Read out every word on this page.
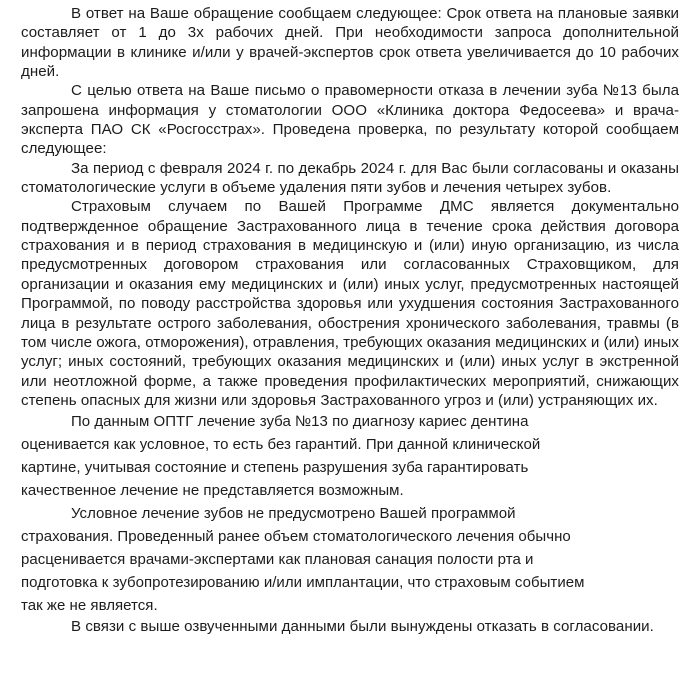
В ответ на Ваше обращение сообщаем следующее: Срок ответа на плановые заявки составляет от 1 до 3х рабочих дней. При необходимости запроса дополнительной информации в клинике и/или у врачей-экспертов срок ответа увеличивается до 10 рабочих дней.

С целью ответа на Ваше письмо о правомерности отказа в лечении зуба №13 была запрошена информация у стоматологии ООО «Клиника доктора Федосеева» и врача-эксперта ПАО СК «Росгосстрах». Проведена проверка, по результату которой сообщаем следующее:

За период с февраля 2024 г. по декабрь 2024 г. для Вас были согласованы и оказаны стоматологические услуги в объеме удаления пяти зубов и лечения четырех зубов.

Страховым случаем по Вашей Программе ДМС является документально подтвержденное обращение Застрахованного лица в течение срока действия договора страхования и в период страхования в медицинскую и (или) иную организацию, из числа предусмотренных договором страхования или согласованных Страховщиком, для организации и оказания ему медицинских и (или) иных услуг, предусмотренных настоящей Программой, по поводу расстройства здоровья или ухудшения состояния Застрахованного лица в результате острого заболевания, обострения хронического заболевания, травмы (в том числе ожога, отморожения), отравления, требующих оказания медицинских и (или) иных услуг; иных состояний, требующих оказания медицинских и (или) иных услуг в экстренной или неотложной форме, а также проведения профилактических мероприятий, снижающих степень опасных для жизни или здоровья Застрахованного угроз и (или) устраняющих их.

По данным ОПТГ лечение зуба №13 по диагнозу кариес дентина
оценивается как условное, то есть без гарантий. При данной клинической
картине, учитывая состояние и степень разрушения зуба гарантировать
качественное лечение не представляется возможным.

Условное лечение зубов не предусмотрено Вашей программой
страхования. Проведенный ранее объем стоматологического лечения обычно
расценивается врачами-экспертами как плановая санация полости рта и
подготовка к зубопротезированию и/или имплантации, что страховым событием
так же не является.

В связи с выше озвученными данными были вынуждены отказать в согласовании.
